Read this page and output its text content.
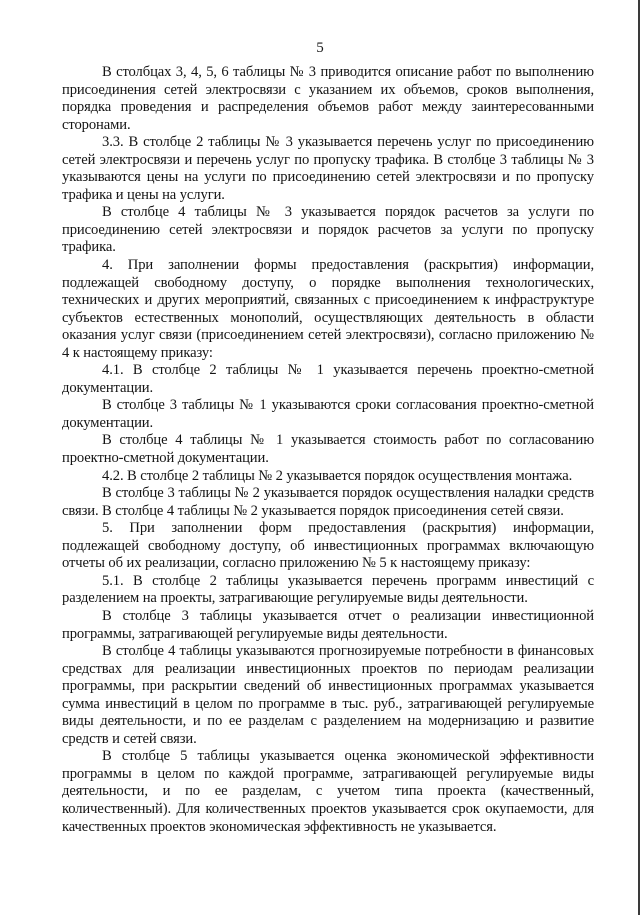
5

В столбцах 3, 4, 5, 6 таблицы № 3 приводится описание работ по выполнению присоединения сетей электросвязи с указанием их объемов, сроков выполнения, порядка проведения и распределения объемов работ между заинтересованными сторонами.

3.3. В столбце 2 таблицы № 3 указывается перечень услуг по присоединению сетей электросвязи и перечень услуг по пропуску трафика. В столбце 3 таблицы № 3 указываются цены на услуги по присоединению сетей электросвязи и по пропуску трафика и цены на услуги.

В столбце 4 таблицы № 3 указывается порядок расчетов за услуги по присоединению сетей электросвязи и порядок расчетов за услуги по пропуску трафика.

4. При заполнении формы предоставления (раскрытия) информации, подлежащей свободному доступу, о порядке выполнения технологических, технических и других мероприятий, связанных с присоединением к инфраструктуре субъектов естественных монополий, осуществляющих деятельность в области оказания услуг связи (присоединением сетей электросвязи), согласно приложению № 4 к настоящему приказу:

4.1. В столбце 2 таблицы № 1 указывается перечень проектно-сметной документации.

В столбце 3 таблицы № 1 указываются сроки согласования проектно-сметной документации.

В столбце 4 таблицы № 1 указывается стоимость работ по согласованию проектно-сметной документации.

4.2. В столбце 2 таблицы № 2 указывается порядок осуществления монтажа.

В столбце 3 таблицы № 2 указывается порядок осуществления наладки средств связи. В столбце 4 таблицы № 2 указывается порядок присоединения сетей связи.

5. При заполнении форм предоставления (раскрытия) информации, подлежащей свободному доступу, об инвестиционных программах включающую отчеты об их реализации, согласно приложению № 5 к настоящему приказу:

5.1. В столбце 2 таблицы указывается перечень программ инвестиций с разделением на проекты, затрагивающие регулируемые виды деятельности.

В столбце 3 таблицы указывается отчет о реализации инвестиционной программы, затрагивающей регулируемые виды деятельности.

В столбце 4 таблицы указываются прогнозируемые потребности в финансовых средствах для реализации инвестиционных проектов по периодам реализации программы, при раскрытии сведений об инвестиционных программах указывается сумма инвестиций в целом по программе в тыс. руб., затрагивающей регулируемые виды деятельности, и по ее разделам с разделением на модернизацию и развитие средств и сетей связи.

В столбце 5 таблицы указывается оценка экономической эффективности программы в целом по каждой программе, затрагивающей регулируемые виды деятельности, и по ее разделам, с учетом типа проекта (качественный, количественный). Для количественных проектов указывается срок окупаемости, для качественных проектов экономическая эффективность не указывается.
